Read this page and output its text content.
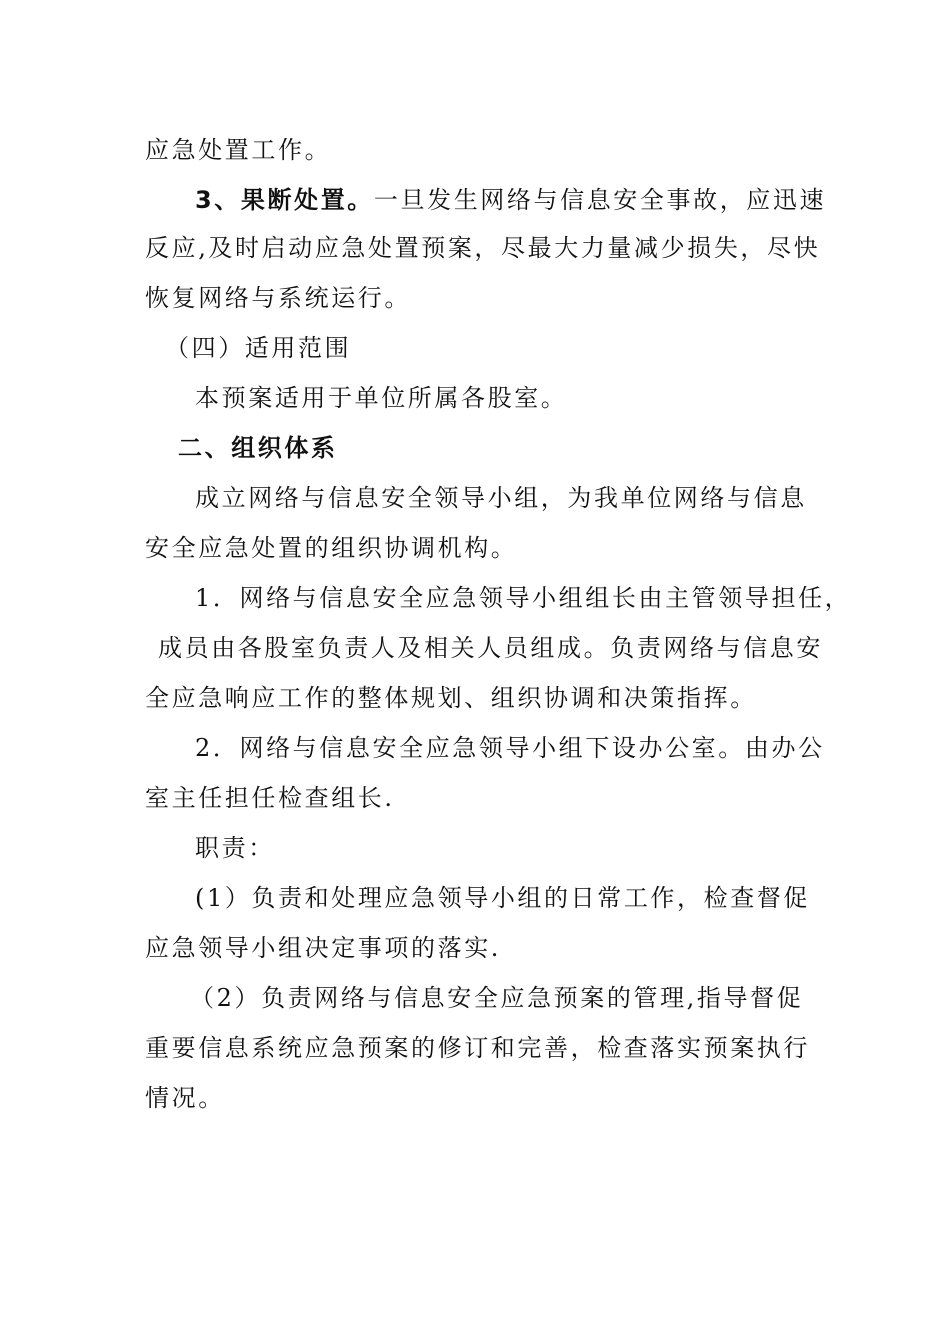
应急处置工作。
3、果断处置。一旦发生网络与信息安全事故，应迅速
反应,及时启动应急处置预案，尽最大力量减少损失，尽快
恢复网络与系统运行。
（四）适用范围
本预案适用于单位所属各股室。
二、组织体系
成立网络与信息安全领导小组，为我单位网络与信息
安全应急处置的组织协调机构。
1．网络与信息安全应急领导小组组长由主管领导担任，
成员由各股室负责人及相关人员组成。负责网络与信息安
全应急响应工作的整体规划、组织协调和决策指挥。
2．网络与信息安全应急领导小组下设办公室。由办公
室主任担任检查组长.
职责：
(1）负责和处理应急领导小组的日常工作，检查督促
应急领导小组决定事项的落实.
（2）负责网络与信息安全应急预案的管理,指导督促
重要信息系统应急预案的修订和完善，检查落实预案执行
情况。
